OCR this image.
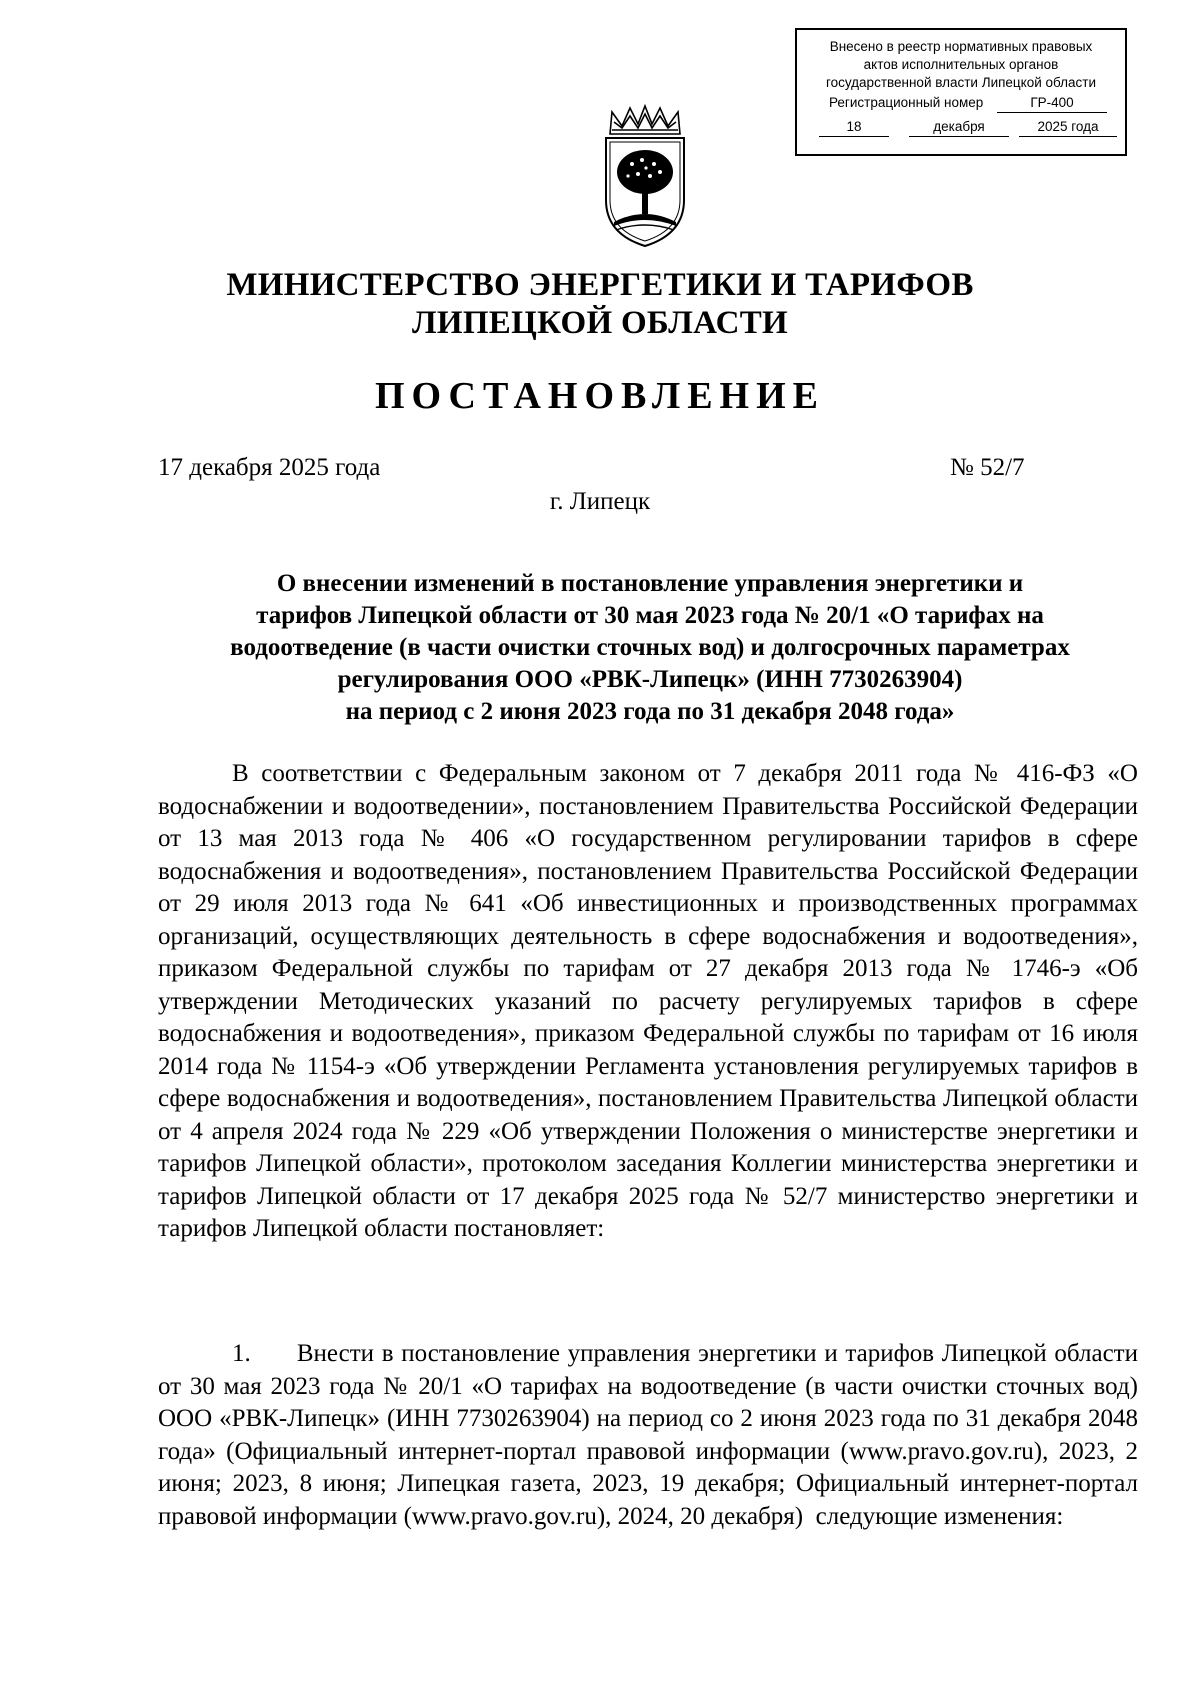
Внесено в реестр нормативных правовых
актов исполнительных органов
государственной власти Липецкой области
Регистрационный номер	ГР-400
18	декабря	2025 года
МИНИСТЕРСТВО ЭНЕРГЕТИКИ И ТАРИФОВ
ЛИПЕЦКОЙ ОБЛАСТИ
ПОСТАНОВЛЕНИЕ
17 декабря 2025 года	№ 52/7
г. Липецк
О внесении изменений в постановление управления энергетики и
тарифов Липецкой области от 30 мая 2023 года № 20/1 «О тарифах на
водоотведение (в части очистки сточных вод) и долгосрочных параметрах
регулирования ООО «РВК-Липецк» (ИНН 7730263904)
на период с 2 июня 2023 года по 31 декабря 2048 года»

В соответствии с Федеральным законом от 7 декабря 2011 года № 416-ФЗ «О водоснабжении и водоотведении», постановлением Правительства Российской Федерации от 13 мая 2013 года № 406 «О государственном регулировании тарифов в сфере водоснабжения и водоотведения», постановлением Правительства Российской Федерации от 29 июля 2013 года № 641 «Об инвестиционных и производственных программах организаций, осуществляющих деятельность в сфере водоснабжения и водоотведения», приказом Федеральной службы по тарифам от 27 декабря 2013 года № 1746-э «Об утверждении Методических указаний по расчету регулируемых тарифов в сфере водоснабжения и водоотведения», приказом Федеральной службы по тарифам от 16 июля 2014 года № 1154-э «Об утверждении Регламента установления регулируемых тарифов в сфере водоснабжения и водоотведения», постановлением Правительства Липецкой области от 4 апреля 2024 года № 229 «Об утверждении Положения о министерстве энергетики и тарифов Липецкой области», протоколом заседания Коллегии министерства энергетики и тарифов Липецкой области от 17 декабря 2025 года № 52/7 министерство энергетики и тарифов Липецкой области постановляет:

1.      Внести в постановление управления энергетики и тарифов Липецкой области от 30 мая 2023 года № 20/1 «О тарифах на водоотведение (в части очистки сточных вод) ООО «РВК-Липецк» (ИНН 7730263904) на период со 2 июня 2023 года по 31 декабря 2048 года» (Официальный интернет-портал правовой информации (www.pravo.gov.ru), 2023, 2 июня; 2023, 8 июня; Липецкая газета, 2023, 19 декабря; Официальный интернет-портал правовой информации (www.pravo.gov.ru), 2024, 20 декабря)  следующие изменения:
